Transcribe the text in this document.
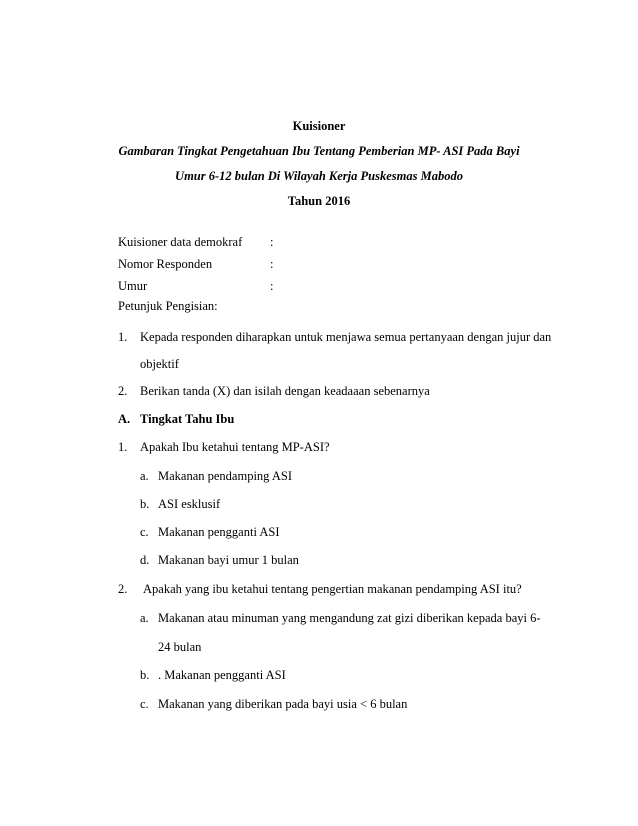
Kuisioner
Gambaran Tingkat Pengetahuan Ibu Tentang Pemberian MP- ASI Pada Bayi
Umur 6-12 bulan Di Wilayah Kerja Puskesmas Mabodo
Tahun 2016
Kuisioner data demokraf :
Nomor Responden	:
Umur	:
Petunjuk Pengisian:
1. Kepada responden diharapkan untuk menjawa semua pertanyaan dengan jujur dan
objektif
2. Berikan tanda (X) dan isilah dengan keadaaan sebenarnya
A. Tingkat Tahu Ibu
1. Apakah Ibu ketahui tentang MP-ASI?
a. Makanan pendamping ASI
b. ASI esklusif
c. Makanan pengganti ASI
d. Makanan bayi umur 1 bulan
2. Apakah yang ibu ketahui tentang pengertian makanan pendamping ASI itu?
a. Makanan atau minuman yang mengandung zat gizi diberikan kepada bayi 6-
24 bulan
b. . Makanan pengganti ASI
c. Makanan yang diberikan pada bayi usia < 6 bulan
